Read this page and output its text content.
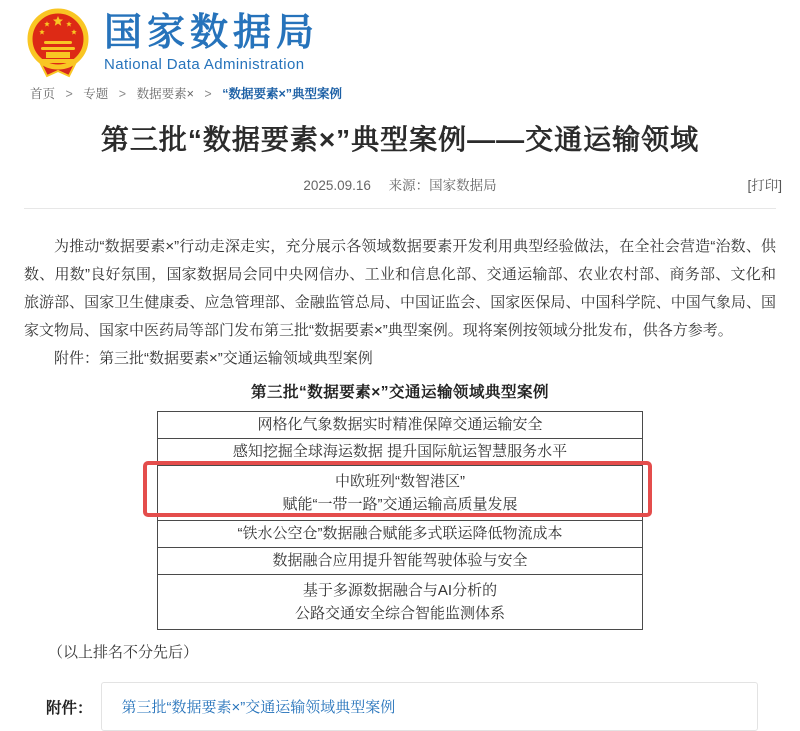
国家数据局
National Data Administration
首页 > 专题 > 数据要素× > “数据要素×”典型案例
第三批“数据要素×”典型案例——交通运输领域
2025.09.16 来源：国家数据局	[打印]

为推动“数据要素×”行动走深走实，充分展示各领域数据要素开发利用典型经验做法，在全社会营造“治数、供数、用数”良好氛围，国家数据局会同中央网信办、工业和信息化部、交通运输部、农业农村部、商务部、文化和旅游部、国家卫生健康委、应急管理部、金融监管总局、中国证监会、国家医保局、中国科学院、中国气象局、国家文物局、国家中医药局等部门发布第三批“数据要素×”典型案例。现将案例按领域分批发布，供各方参考。

附件：第三批“数据要素×”交通运输领域典型案例

第三批“数据要素×”交通运输领域典型案例
网格化气象数据实时精准保障交通运输安全
感知挖掘全球海运数据 提升国际航运智慧服务水平
中欧班列“数智港区”
赋能“一带一路”交通运输高质量发展
“铁水公空仓”数据融合赋能多式联运降低物流成本
数据融合应用提升智能驾驶体验与安全
基于多源数据融合与AI分析的
公路交通安全综合智能监测体系
（以上排名不分先后）
附件：	第三批“数据要素×”交通运输领域典型案例
